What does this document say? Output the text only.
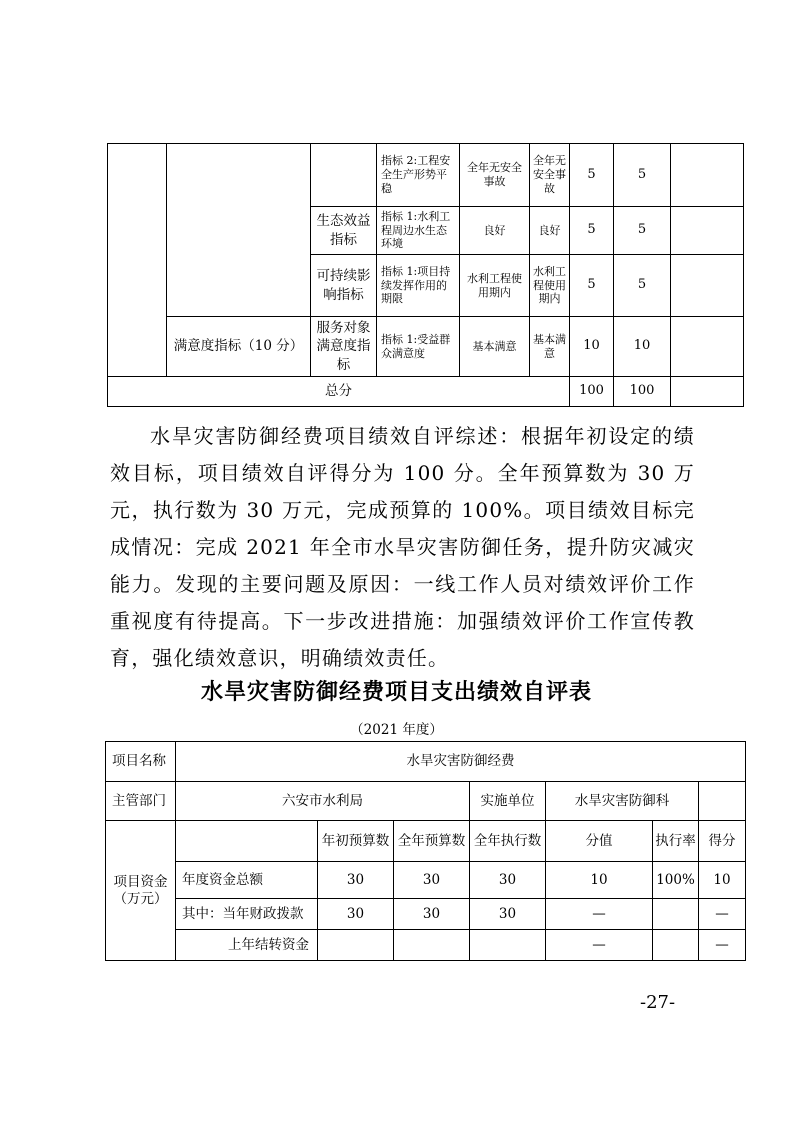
			指标 2:工程安全生产形势平稳	全年无安全事故	全年无安全事故	5	5	
		生态效益指标	指标 1:水利工程周边水生态环境	良好	良好	5	5	
		可持续影响指标	指标 1:项目持续发挥作用的期限	水利工程使用期内	水利工程使用期内	5	5	
	满意度指标（10 分）	服务对象满意度指标	指标 1:受益群众满意度	基本满意	基本满意	10	10	
总分						100	100	

水旱灾害防御经费项目绩效自评综述：根据年初设定的绩效目标，项目绩效自评得分为 100 分。全年预算数为 30 万元，执行数为 30 万元，完成预算的 100%。项目绩效目标完成情况：完成 2021 年全市水旱灾害防御任务，提升防灾减灾能力。发现的主要问题及原因：一线工作人员对绩效评价工作重视度有待提高。下一步改进措施：加强绩效评价工作宣传教育，强化绩效意识，明确绩效责任。

水旱灾害防御经费项目支出绩效自评表
（2021 年度）
项目名称	水旱灾害防御经费						
主管部门	六安市水利局			实施单位	水旱灾害防御科		
项目资金（万元）		年初预算数	全年预算数	全年执行数	分值	执行率	得分
	年度资金总额	30	30	30	10	100%	10
	其中：当年财政拨款	30	30	30	—		—
	上年结转资金				—		—
-27-
